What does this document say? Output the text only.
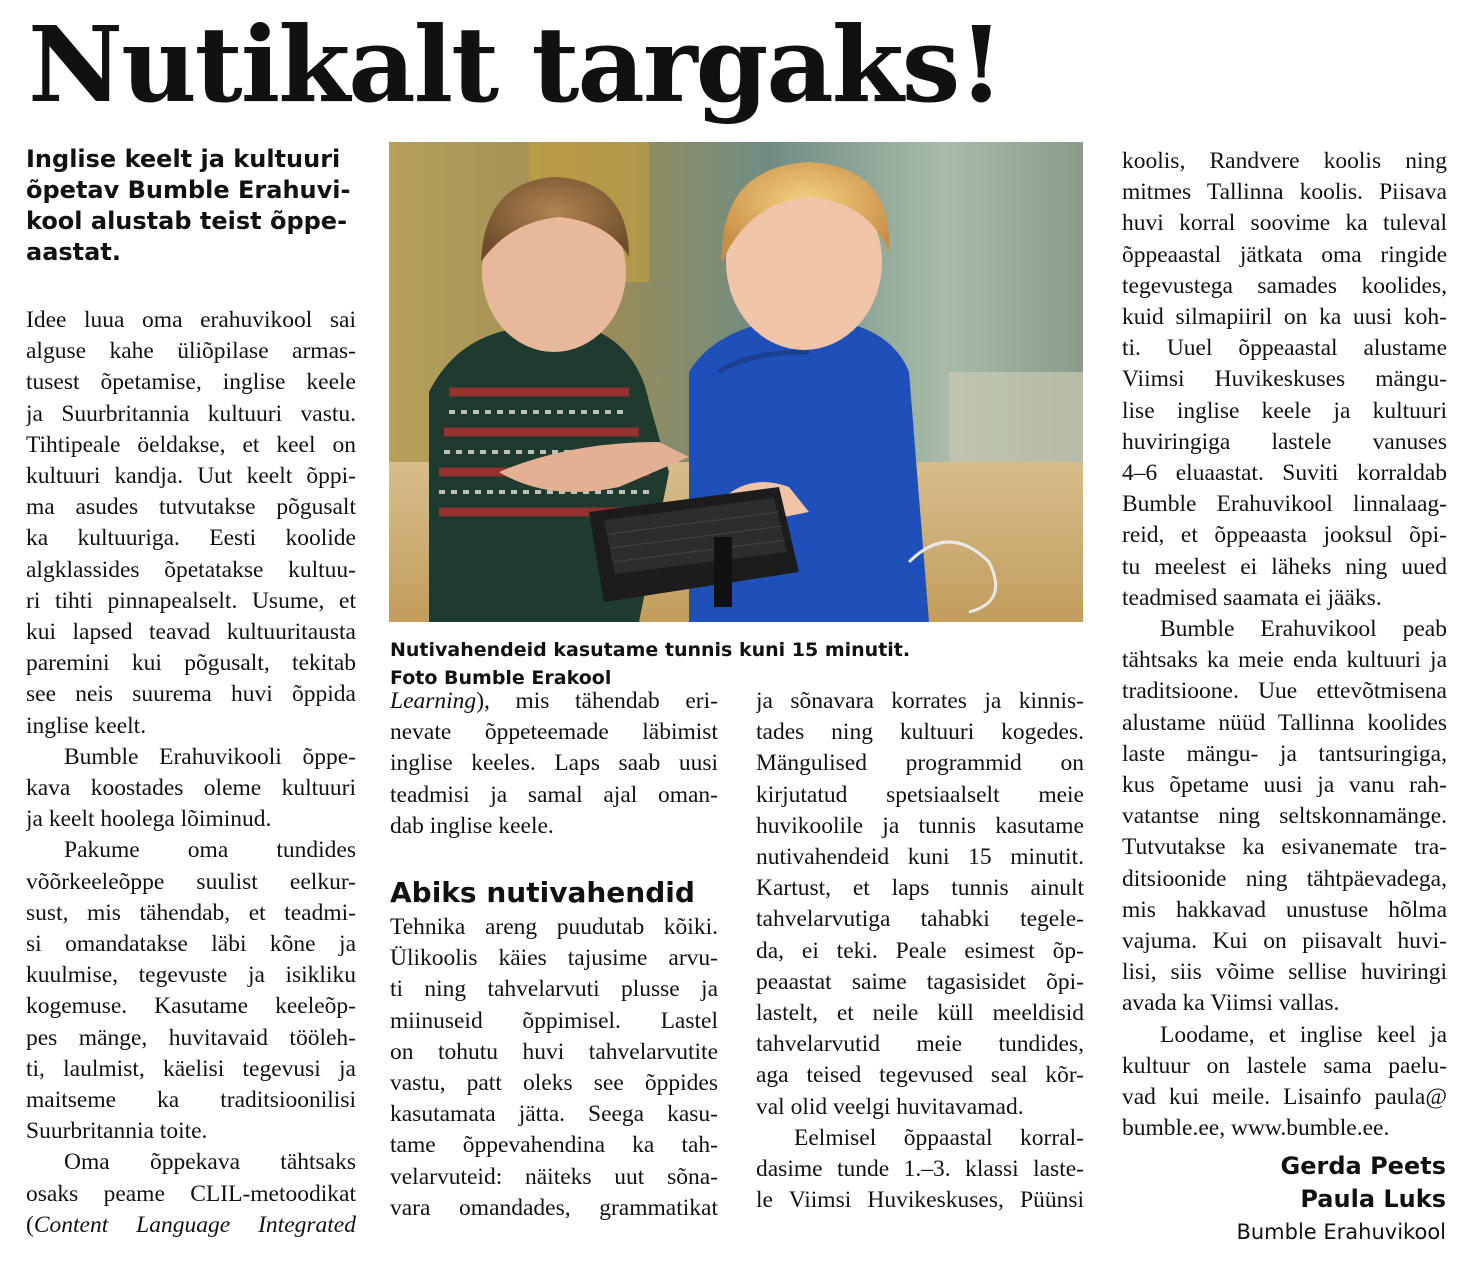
Nutikalt targaks!
Inglise keelt ja kultuuri
õpetav Bumble Erahuvi-
kool alustab teist õppe-
aastat.
Idee luua oma erahuvikool sai
alguse kahe üliõpilase armas-
tusest õpetamise, inglise keele
ja Suurbritannia kultuuri vastu.
Tihtipeale öeldakse, et keel on
kultuuri kandja. Uut keelt õppi-
ma asudes tutvutakse põgusalt
ka kultuuriga. Eesti koolide
algklassides õpetatakse kultuu-
ri tihti pinnapealselt. Usume, et
kui lapsed teavad kultuuritausta
paremini kui põgusalt, tekitab
see neis suurema huvi õppida
inglise keelt.
Bumble Erahuvikooli õppe-
kava koostades oleme kultuuri
ja keelt hoolega lõiminud.
Pakume oma tundides
võõrkeeleõppe suulist eelkur-
sust, mis tähendab, et teadmi-
si omandatakse läbi kõne ja
kuulmise, tegevuste ja isikliku
kogemuse. Kasutame keeleõp-
pes mänge, huvitavaid tööleh-
ti, laulmist, käelisi tegevusi ja
maitseme ka traditsioonilisi
Suurbritannia toite.
Oma õppekava tähtsaks
osaks peame CLIL-metoodikat
(Content Language Integrated
Nutivahendeid kasutame tunnis kuni 15 minutit.
Foto Bumble Erakool
Learning), mis tähendab eri-
nevate õppeteemade läbimist
inglise keeles. Laps saab uusi
teadmisi ja samal ajal oman-
dab inglise keele.
Abiks nutivahendid
Tehnika areng puudutab kõiki.
Ülikoolis käies tajusime arvu-
ti ning tahvelarvuti plusse ja
miinuseid õppimisel. Lastel
on tohutu huvi tahvelarvutite
vastu, patt oleks see õppides
kasutamata jätta. Seega kasu-
tame õppevahendina ka tah-
velarvuteid: näiteks uut sõna-
vara omandades, grammatikat
ja sõnavara korrates ja kinnis-
tades ning kultuuri kogedes.
Mängulised programmid on
kirjutatud spetsiaalselt meie
huvikoolile ja tunnis kasutame
nutivahendeid kuni 15 minutit.
Kartust, et laps tunnis ainult
tahvelarvutiga tahabki tegele-
da, ei teki. Peale esimest õp-
peaastat saime tagasisidet õpi-
lastelt, et neile küll meeldisid
tahvelarvutid meie tundides,
aga teised tegevused seal kõr-
val olid veelgi huvitavamad.
Eelmisel õppaastal korral-
dasime tunde 1.–3. klassi laste-
le Viimsi Huvikeskuses, Püünsi
koolis, Randvere koolis ning
mitmes Tallinna koolis. Piisava
huvi korral soovime ka tuleval
õppeaastal jätkata oma ringide
tegevustega samades koolides,
kuid silmapiiril on ka uusi koh-
ti. Uuel õppeaastal alustame
Viimsi Huvikeskuses mängu-
lise inglise keele ja kultuuri
huviringiga lastele vanuses
4–6 eluaastat. Suviti korraldab
Bumble Erahuvikool linnalaag-
reid, et õppeaasta jooksul õpi-
tu meelest ei läheks ning uued
teadmised saamata ei jääks.
Bumble Erahuvikool peab
tähtsaks ka meie enda kultuuri ja
traditsioone. Uue ettevõtmisena
alustame nüüd Tallinna koolides
laste mängu- ja tantsuringiga,
kus õpetame uusi ja vanu rah-
vatantse ning seltskonnamänge.
Tutvutakse ka esivanemate tra-
ditsioonide ning tähtpäevadega,
mis hakkavad unustuse hõlma
vajuma. Kui on piisavalt huvi-
lisi, siis võime sellise huviringi
avada ka Viimsi vallas.
Loodame, et inglise keel ja
kultuur on lastele sama paelu-
vad kui meile. Lisainfo paula@
bumble.ee, www.bumble.ee.
Gerda Peets
Paula Luks
Bumble Erahuvikool
